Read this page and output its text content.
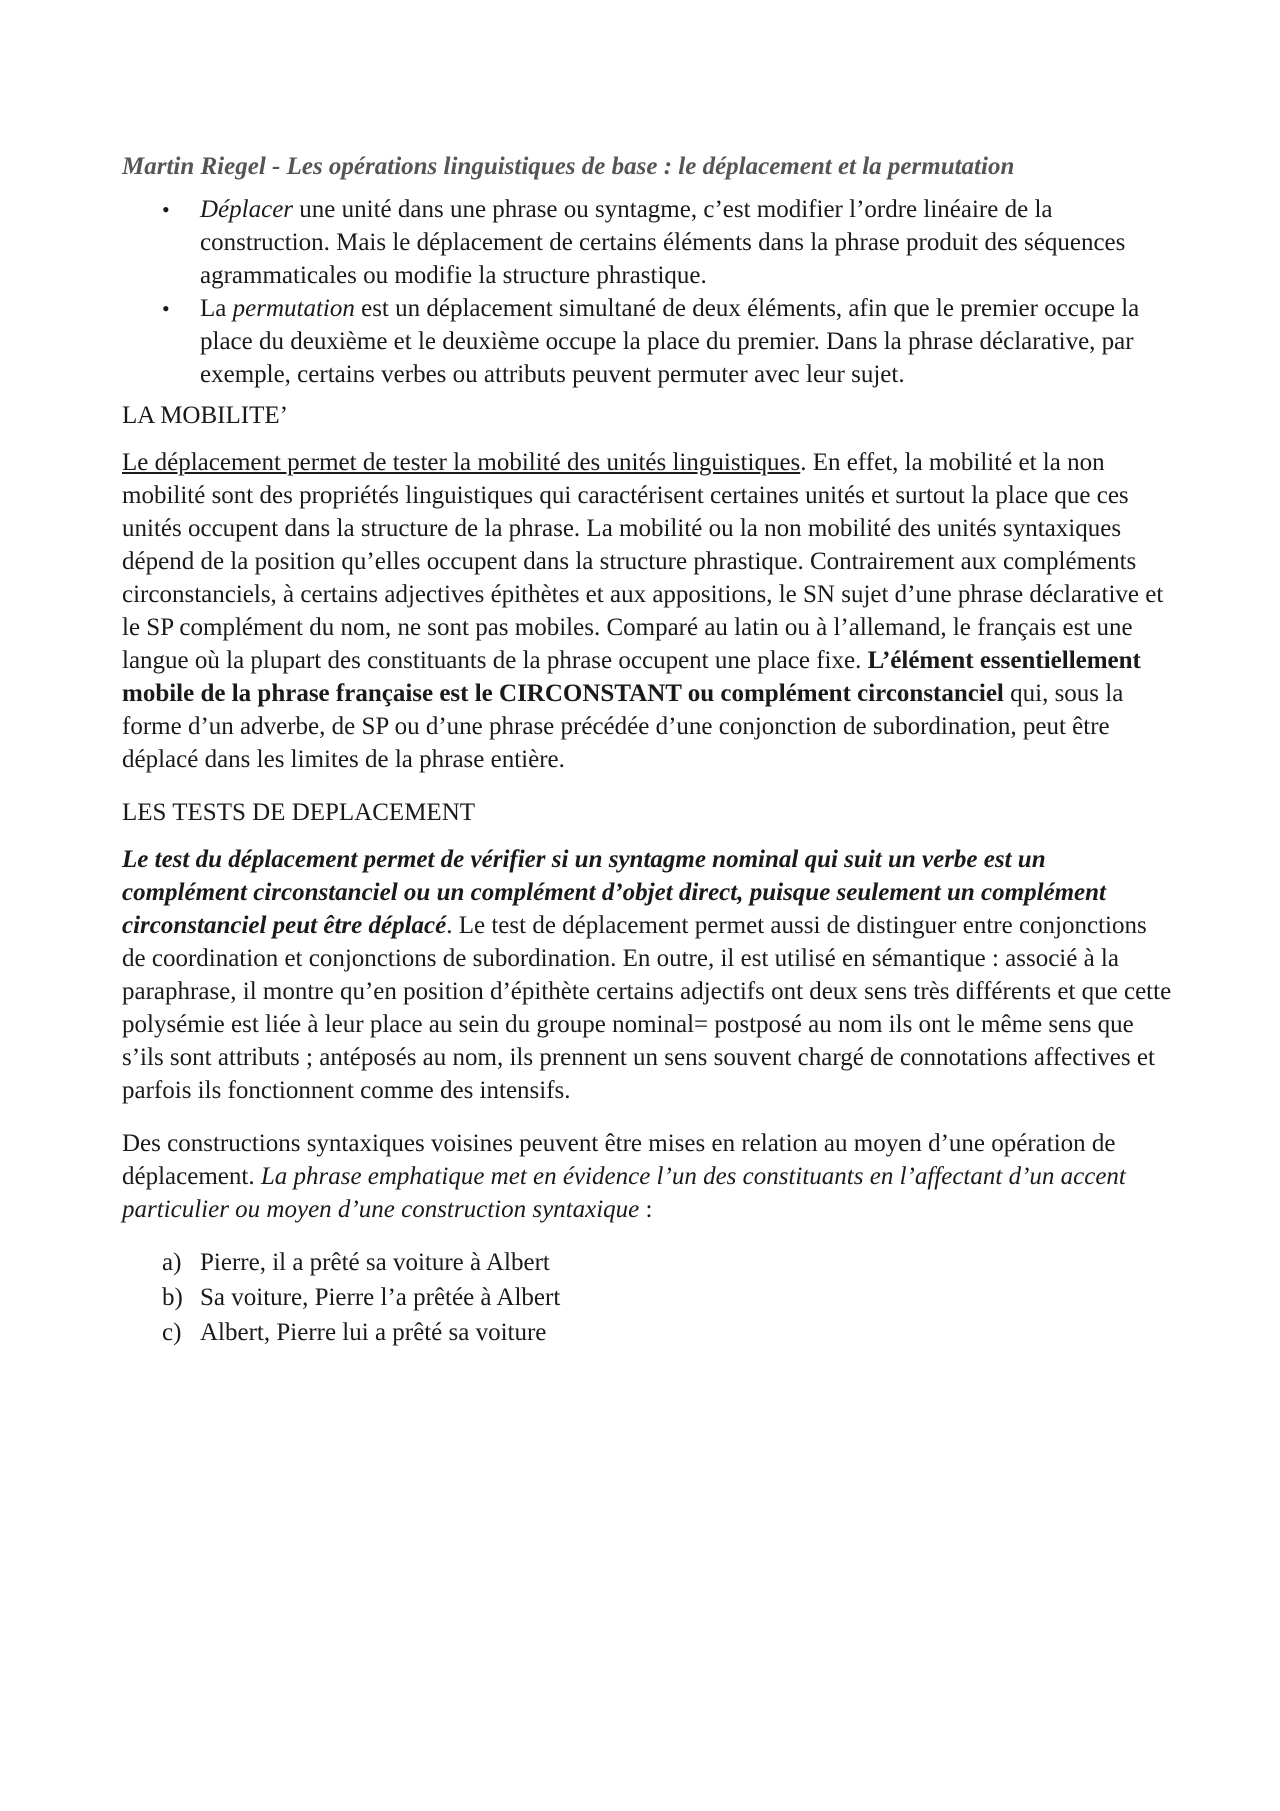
Martin Riegel - Les opérations linguistiques de base : le déplacement et la permutation
• Déplacer une unité dans une phrase ou syntagme, c’est modifier l’ordre linéaire de la construction. Mais le déplacement de certains éléments dans la phrase produit des séquences agrammaticales ou modifie la structure phrastique.
• La permutation est un déplacement simultané de deux éléments, afin que le premier occupe la place du deuxième et le deuxième occupe la place du premier. Dans la phrase déclarative, par exemple, certains verbes ou attributs peuvent permuter avec leur sujet.
LA MOBILITE’

Le déplacement permet de tester la mobilité des unités linguistiques. En effet, la mobilité et la non mobilité sont des propriétés linguistiques qui caractérisent certaines unités et surtout la place que ces unités occupent dans la structure de la phrase. La mobilité ou la non mobilité des unités syntaxiques dépend de la position qu’elles occupent dans la structure phrastique. Contrairement aux compléments circonstanciels, à certains adjectives épithètes et aux appositions, le SN sujet d’une phrase déclarative et le SP complément du nom, ne sont pas mobiles. Comparé au latin ou à l’allemand, le français est une langue où la plupart des constituants de la phrase occupent une place fixe. L’élément essentiellement mobile de la phrase française est le CIRCONSTANT ou complément circonstanciel qui, sous la forme d’un adverbe, de SP ou d’une phrase précédée d’une conjonction de subordination, peut être déplacé dans les limites de la phrase entière.

LES TESTS DE DEPLACEMENT

Le test du déplacement permet de vérifier si un syntagme nominal qui suit un verbe est un complément circonstanciel ou un complément d’objet direct, puisque seulement un complément circonstanciel peut être déplacé. Le test de déplacement permet aussi de distinguer entre conjonctions de coordination et conjonctions de subordination. En outre, il est utilisé en sémantique : associé à la paraphrase, il montre qu’en position d’épithète certains adjectifs ont deux sens très différents et que cette polysémie est liée à leur place au sein du groupe nominal= postposé au nom ils ont le même sens que s’ils sont attributs ; antéposés au nom, ils prennent un sens souvent chargé de connotations affectives et parfois ils fonctionnent comme des intensifs.

Des constructions syntaxiques voisines peuvent être mises en relation au moyen d’une opération de déplacement. La phrase emphatique met en évidence l’un des constituants en l’affectant d’un accent particulier ou moyen d’une construction syntaxique :

a) Pierre, il a prêté sa voiture à Albert
b) Sa voiture, Pierre l’a prêtée à Albert
c) Albert, Pierre lui a prêté sa voiture
